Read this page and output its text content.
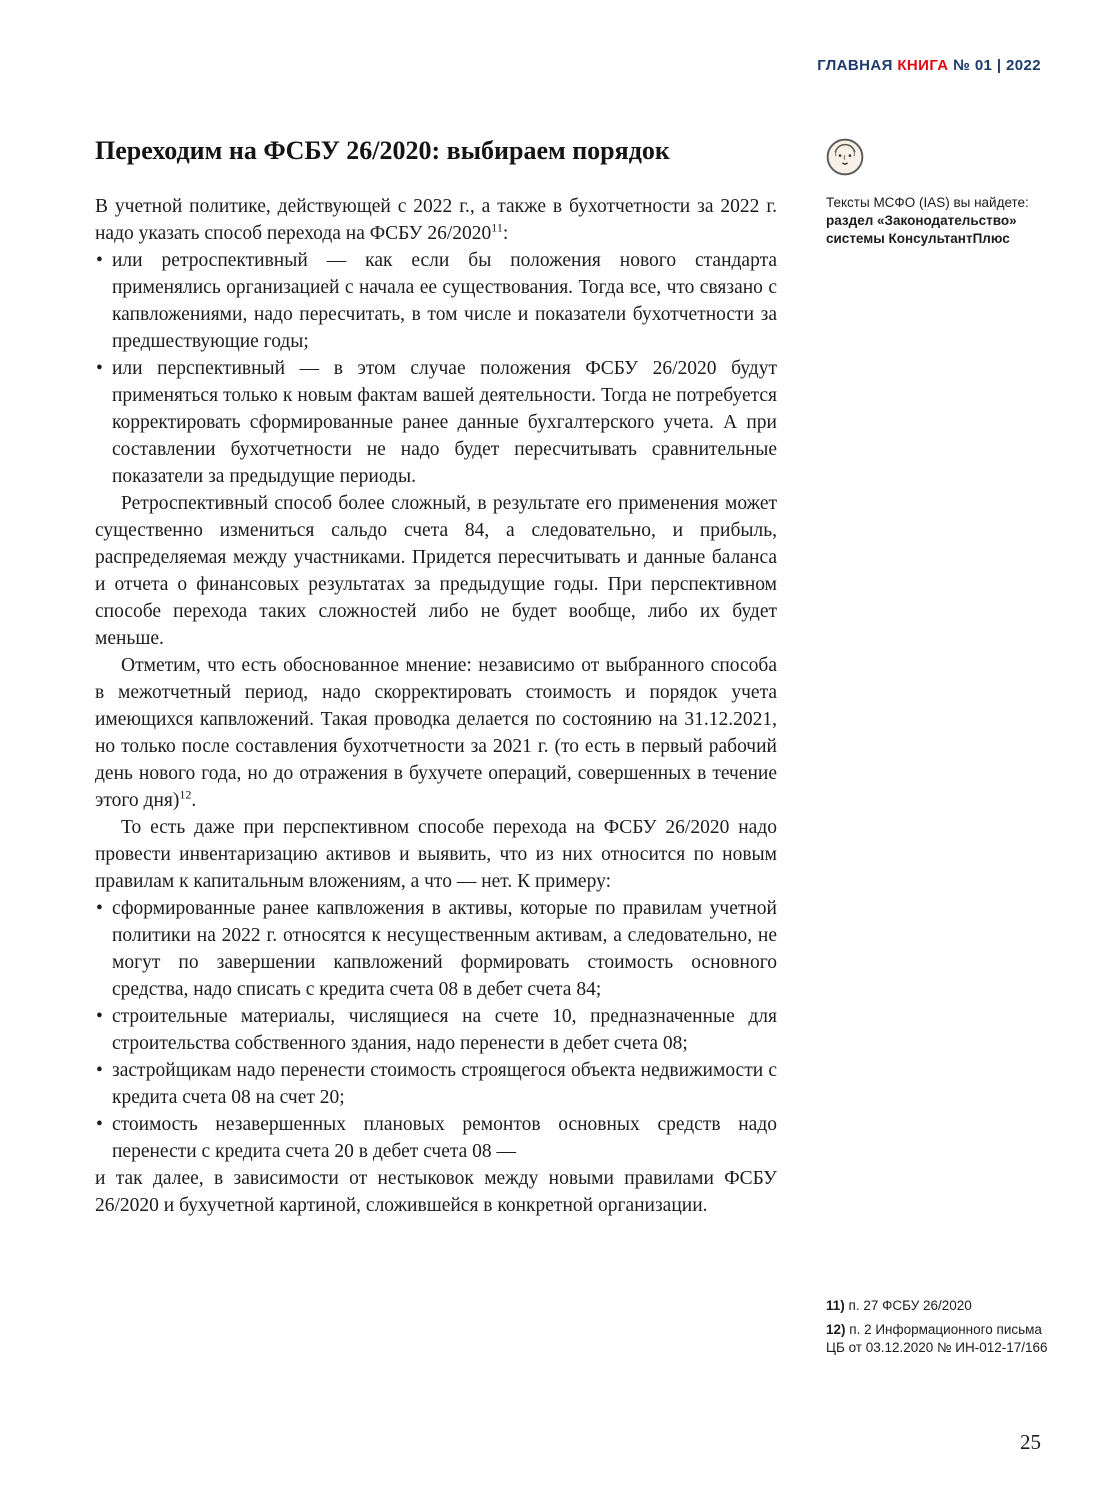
ГЛАВНАЯ КНИГА № 01 | 2022
Переходим на ФСБУ 26/2020: выбираем порядок

В учетной политике, действующей с 2022 г., а также в бухотчетности за 2022 г. надо указать способ перехода на ФСБУ 26/2020$^{11}$:

• или ретроспективный — как если бы положения нового стандарта применялись организацией с начала ее существования. Тогда все, что связано с капвложениями, надо пересчитать, в том числе и показатели бухотчетности за предшествующие годы;

• или перспективный — в этом случае положения ФСБУ 26/2020 будут применяться только к новым фактам вашей деятельности. Тогда не потребуется корректировать сформированные ранее данные бухгалтерского учета. А при составлении бухотчетности не надо будет пересчитывать сравнительные показатели за предыдущие периоды.

Ретроспективный способ более сложный, в результате его применения может существенно измениться сальдо счета 84, а следовательно, и прибыль, распределяемая между участниками. Придется пересчитывать и данные баланса и отчета о финансовых результатах за предыдущие годы. При перспективном способе перехода таких сложностей либо не будет вообще, либо их будет меньше.

Отметим, что есть обоснованное мнение: независимо от выбранного способа в межотчетный период, надо скорректировать стоимость и порядок учета имеющихся капвложений. Такая проводка делается по состоянию на 31.12.2021, но только после составления бухотчетности за 2021 г. (то есть в первый рабочий день нового года, но до отражения в бухучете операций, совершенных в течение этого дня)$^{12}$.

То есть даже при перспективном способе перехода на ФСБУ 26/2020 надо провести инвентаризацию активов и выявить, что из них относится по новым правилам к капитальным вложениям, а что — нет. К примеру:

• сформированные ранее капвложения в активы, которые по правилам учетной политики на 2022 г. относятся к несущественным активам, а следовательно, не могут по завершении капвложений формировать стоимость основного средства, надо списать с кредита счета 08 в дебет счета 84;

• строительные материалы, числящиеся на счете 10, предназначенные для строительства собственного здания, надо перенести в дебет счета 08;

• застройщикам надо перенести стоимость строящегося объекта недвижимости с кредита счета 08 на счет 20;

• стоимость незавершенных плановых ремонтов основных средств надо перенести с кредита счета 20 в дебет счета 08 —

и так далее, в зависимости от нестыковок между новыми правилами ФСБУ 26/2020 и бухучетной картиной, сложившейся в конкретной организации.

Тексты МСФО (IAS) вы найдете:
раздел «Законодательство» системы КонсультантПлюс

11) п. 27 ФСБУ 26/2020

12) п. 2 Информационного письма ЦБ от 03.12.2020 № ИН-012-17/166

25
